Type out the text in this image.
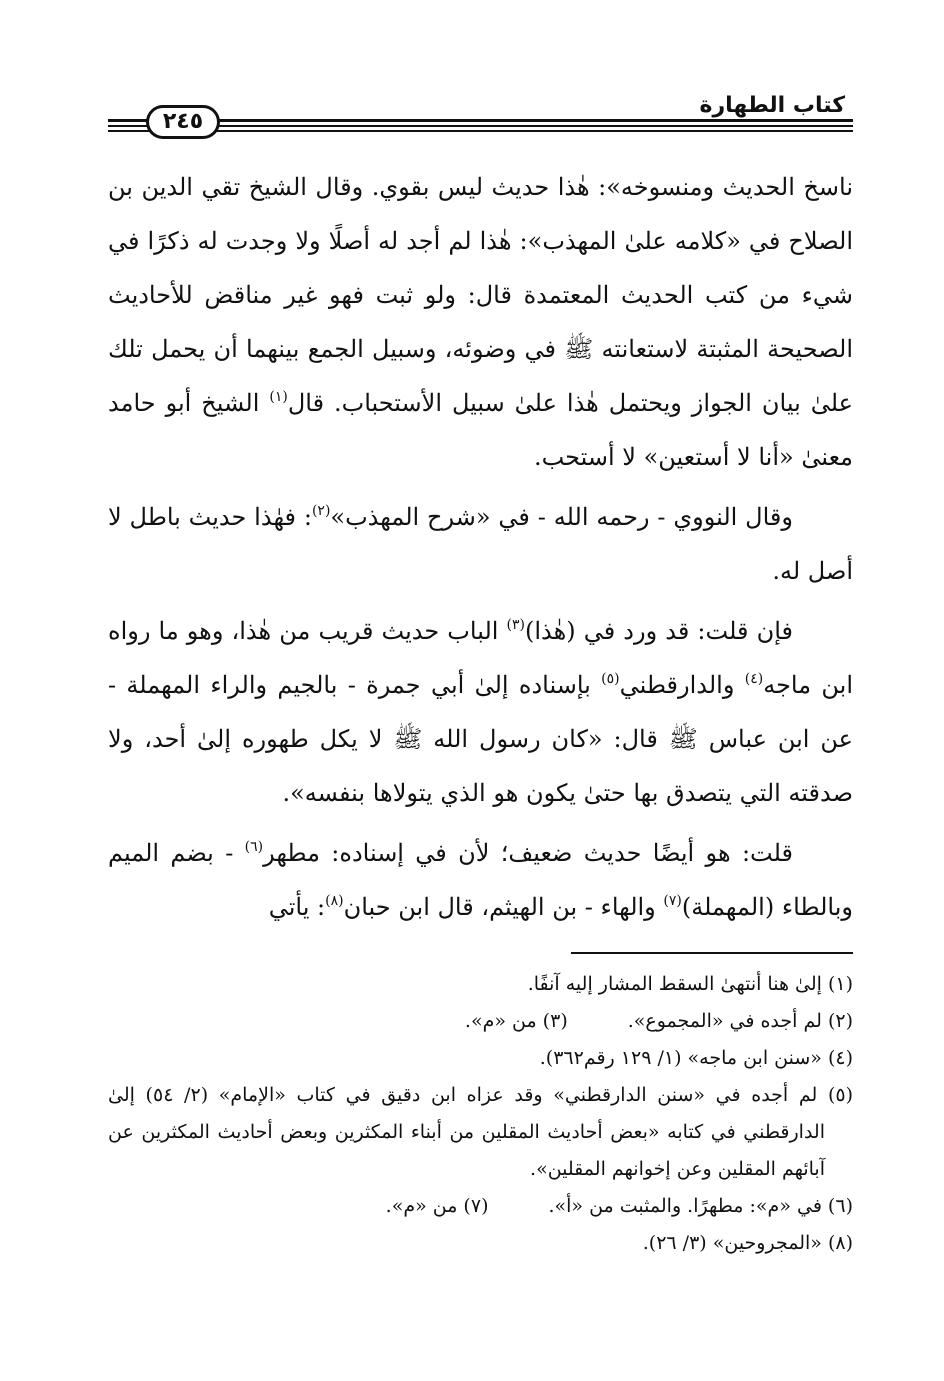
كتاب الطهارة
٢٤٥

ناسخ الحديث ومنسوخه»: هٰذا حديث ليس بقوي. وقال الشيخ تقي الدين بن الصلاح في «كلامه علىٰ المهذب»: هٰذا لم أجد له أصلًا ولا وجدت له ذكرًا في شيء من كتب الحديث المعتمدة قال: ولو ثبت فهو غير مناقض للأحاديث الصحيحة المثبتة لاستعانته ﷺ في وضوئه، وسبيل الجمع بينهما أن يحمل تلك علىٰ بيان الجواز ويحتمل هٰذا علىٰ سبيل الأستحباب. قال$^{(١)}$ الشيخ أبو حامد معنىٰ «أنا لا أستعين» لا أستحب.

وقال النووي - رحمه الله - في «شرح المهذب»$^{(٢)}$: فهٰذا حديث باطل لا أصل له.

فإن قلت: قد ورد في (هٰذا)$^{(٣)}$ الباب حديث قريب من هٰذا، وهو ما رواه ابن ماجه$^{(٤)}$ والدارقطني$^{(٥)}$ بإسناده إلىٰ أبي جمرة - بالجيم والراء المهملة - عن ابن عباس ﷺ قال: «كان رسول الله ﷺ لا يكل طهوره إلىٰ أحد، ولا صدقته التي يتصدق بها حتىٰ يكون هو الذي يتولاها بنفسه».

قلت: هو أيضًا حديث ضعيف؛ لأن في إسناده: مطهر$^{(٦)}$ - بضم الميم وبالطاء (المهملة)$^{(٧)}$ والهاء - بن الهيثم، قال ابن حبان$^{(٨)}$: يأتي

(١) إلىٰ هنا أنتهىٰ السقط المشار إليه آنفًا.

(٢) لم أجده في «المجموع».(٣) من «م».

(٤) «سنن ابن ماجه» (١/ ١٢٩ رقم٣٦٢).

(٥) لم أجده في «سنن الدارقطني» وقد عزاه ابن دقيق في كتاب «الإمام» (٢/ ٥٤) إلىٰ الدارقطني في كتابه «بعض أحاديث المقلين من أبناء المكثرين وبعض أحاديث المكثرين عن آبائهم المقلين وعن إخوانهم المقلين».

(٦) في «م»: مطهرًا. والمثبت من «أ».(٧) من «م».

(٨) «المجروحين» (٣/ ٢٦).
